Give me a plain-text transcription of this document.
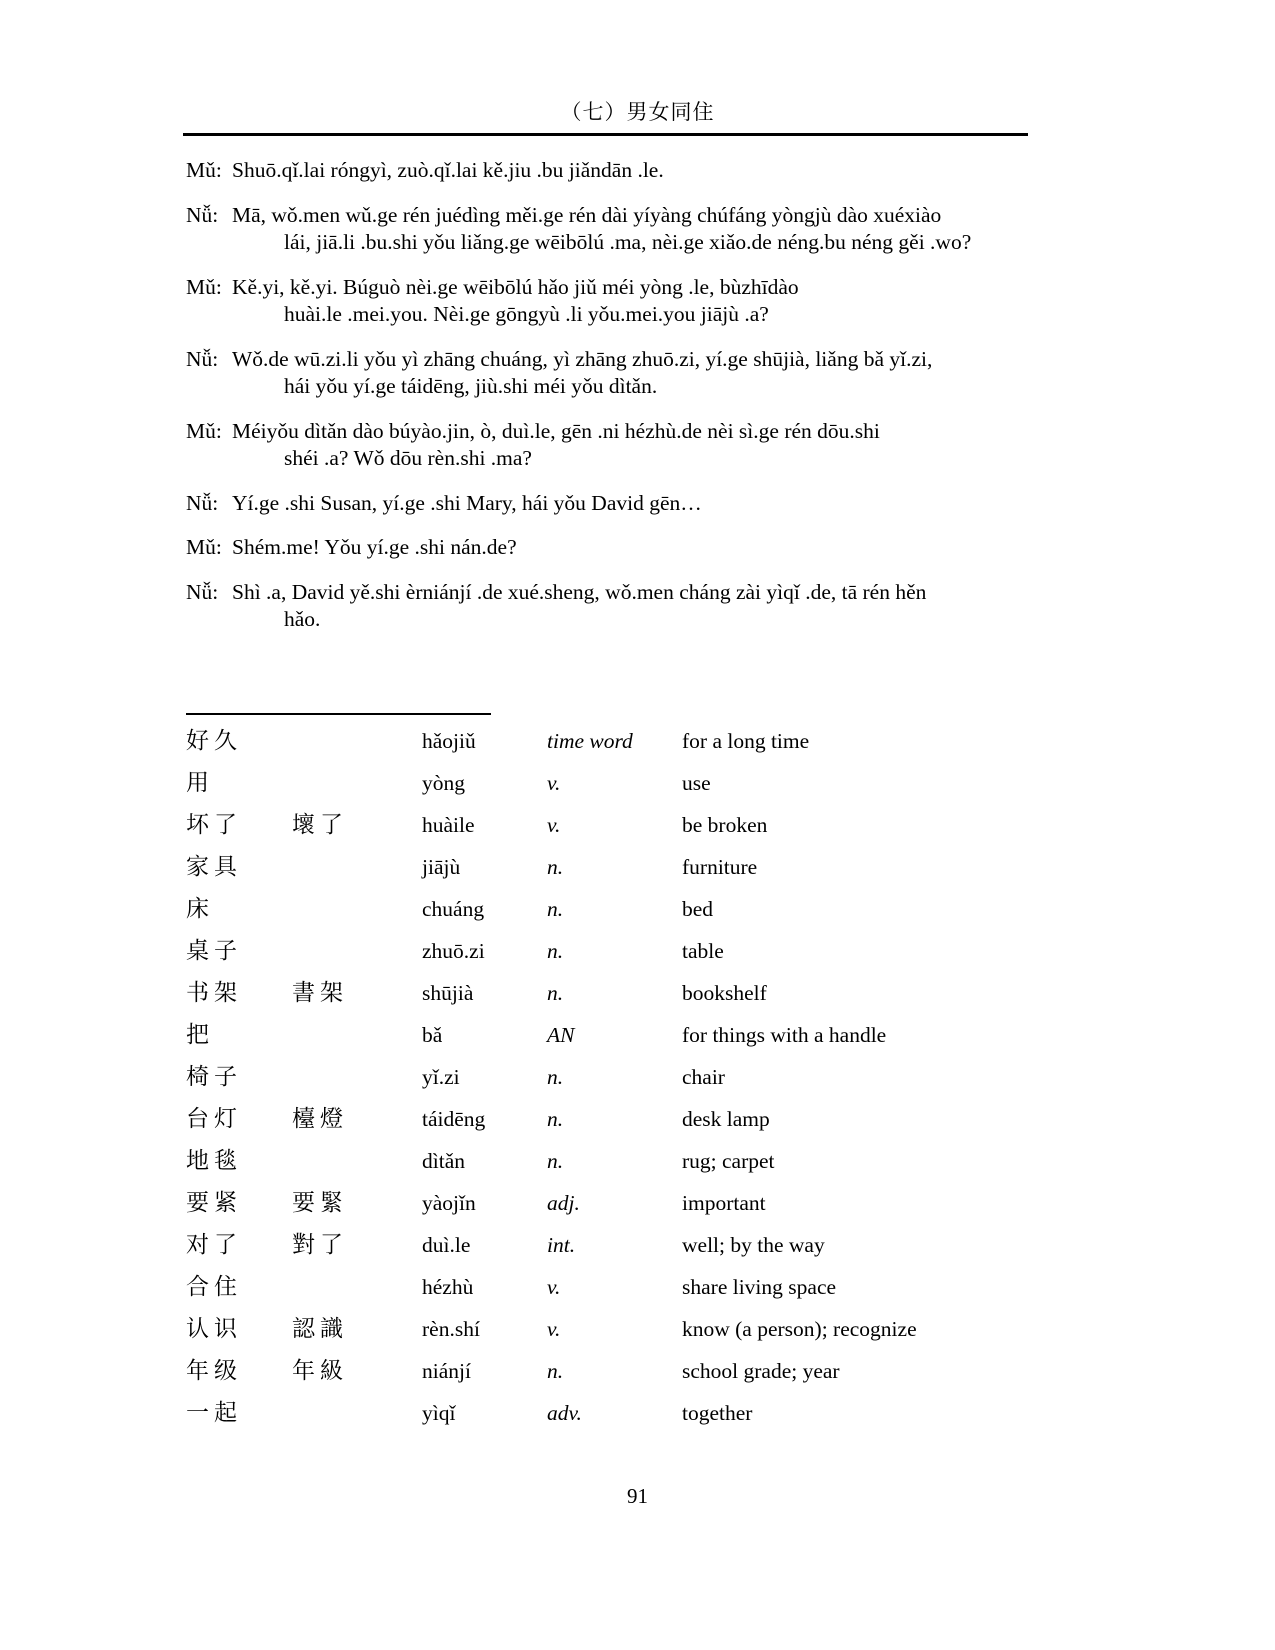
（七）男女同住
Mǔ: Shuō.qǐ.lai róngyì, zuò.qǐ.lai kě.jiu .bu jiǎndān .le.

Nǚ: Mā, wǒ.men wǔ.ge rén juédìng měi.ge rén dài yíyàng chúfáng yòngjù dào xuéxiào

lái, jiā.li .bu.shi yǒu liǎng.ge wēibōlú .ma, nèi.ge xiǎo.de néng.bu néng gěi .wo?

Mǔ: Kě.yi, kě.yi. Búguò nèi.ge wēibōlú hǎo jiǔ méi yòng .le, bùzhīdào

huài.le .mei.you. Nèi.ge gōngyù .li yǒu.mei.you jiājù .a?

Nǚ: Wǒ.de wū.zi.li yǒu yì zhāng chuáng, yì zhāng zhuō.zi, yí.ge shūjià, liǎng bǎ yǐ.zi,

hái yǒu yí.ge táidēng, jiù.shi méi yǒu dìtǎn.

Mǔ: Méiyǒu dìtǎn dào búyào.jin, ò, duì.le, gēn .ni hézhù.de nèi sì.ge rén dōu.shi

shéi .a? Wǒ dōu rèn.shi .ma?

Nǚ: Yí.ge .shi Susan, yí.ge .shi Mary, hái yǒu David gēn…

Mǔ: Shém.me! Yǒu yí.ge .shi nán.de?

Nǚ: Shì .a, David yě.shi èrniánjí .de xué.sheng, wǒ.men cháng zài yìqǐ .de, tā rén hěn

hǎo.

好久		hǎojiǔ	time word	for a long time
用		yòng	v.	use
坏了	壞了	huàile	v.	be broken
家具		jiājù	n.	furniture
床		chuáng	n.	bed
桌子		zhuō.zi	n.	table
书架	書架	shūjià	n.	bookshelf
把		bǎ	AN	for things with a handle
椅子		yǐ.zi	n.	chair
台灯	檯燈	táidēng	n.	desk lamp
地毯		dìtǎn	n.	rug; carpet
要紧	要緊	yàojǐn	adj.	important
对了	對了	duì.le	int.	well; by the way
合住		hézhù	v.	share living space
认识	認識	rèn.shí	v.	know (a person); recognize
年级	年級	niánjí	n.	school grade; year
一起		yìqǐ	adv.	together
91
